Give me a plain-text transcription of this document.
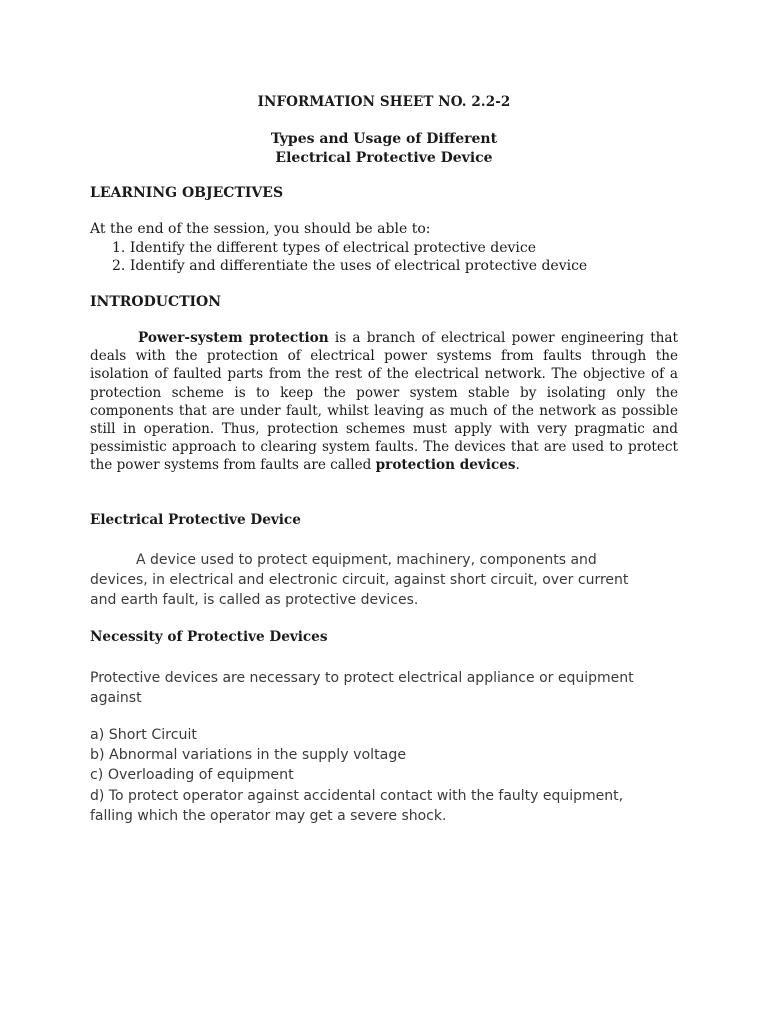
INFORMATION SHEET NO. 2.2-2
Types and Usage of Different
Electrical Protective Device
LEARNING OBJECTIVES
At the end of the session, you should be able to:
1. Identify the different types of electrical protective device
2. Identify and differentiate the uses of electrical protective device
INTRODUCTION
Power-system protection is a branch of electrical power engineering that deals with the protection of electrical power systems from faults through the isolation of faulted parts from the rest of the electrical network. The objective of a protection scheme is to keep the power system stable by isolating only the components that are under fault, whilst leaving as much of the network as possible still in operation. Thus, protection schemes must apply with very pragmatic and pessimistic approach to clearing system faults. The devices that are used to protect the power systems from faults are called protection devices.
Electrical Protective Device
A device used to protect equipment, machinery, components and devices, in electrical and electronic circuit, against short circuit, over current and earth fault, is called as protective devices.
Necessity of Protective Devices
Protective devices are necessary to protect electrical appliance or equipment against
a) Short Circuit
b) Abnormal variations in the supply voltage
c) Overloading of equipment
d) To protect operator against accidental contact with the faulty equipment, falling which the operator may get a severe shock.
